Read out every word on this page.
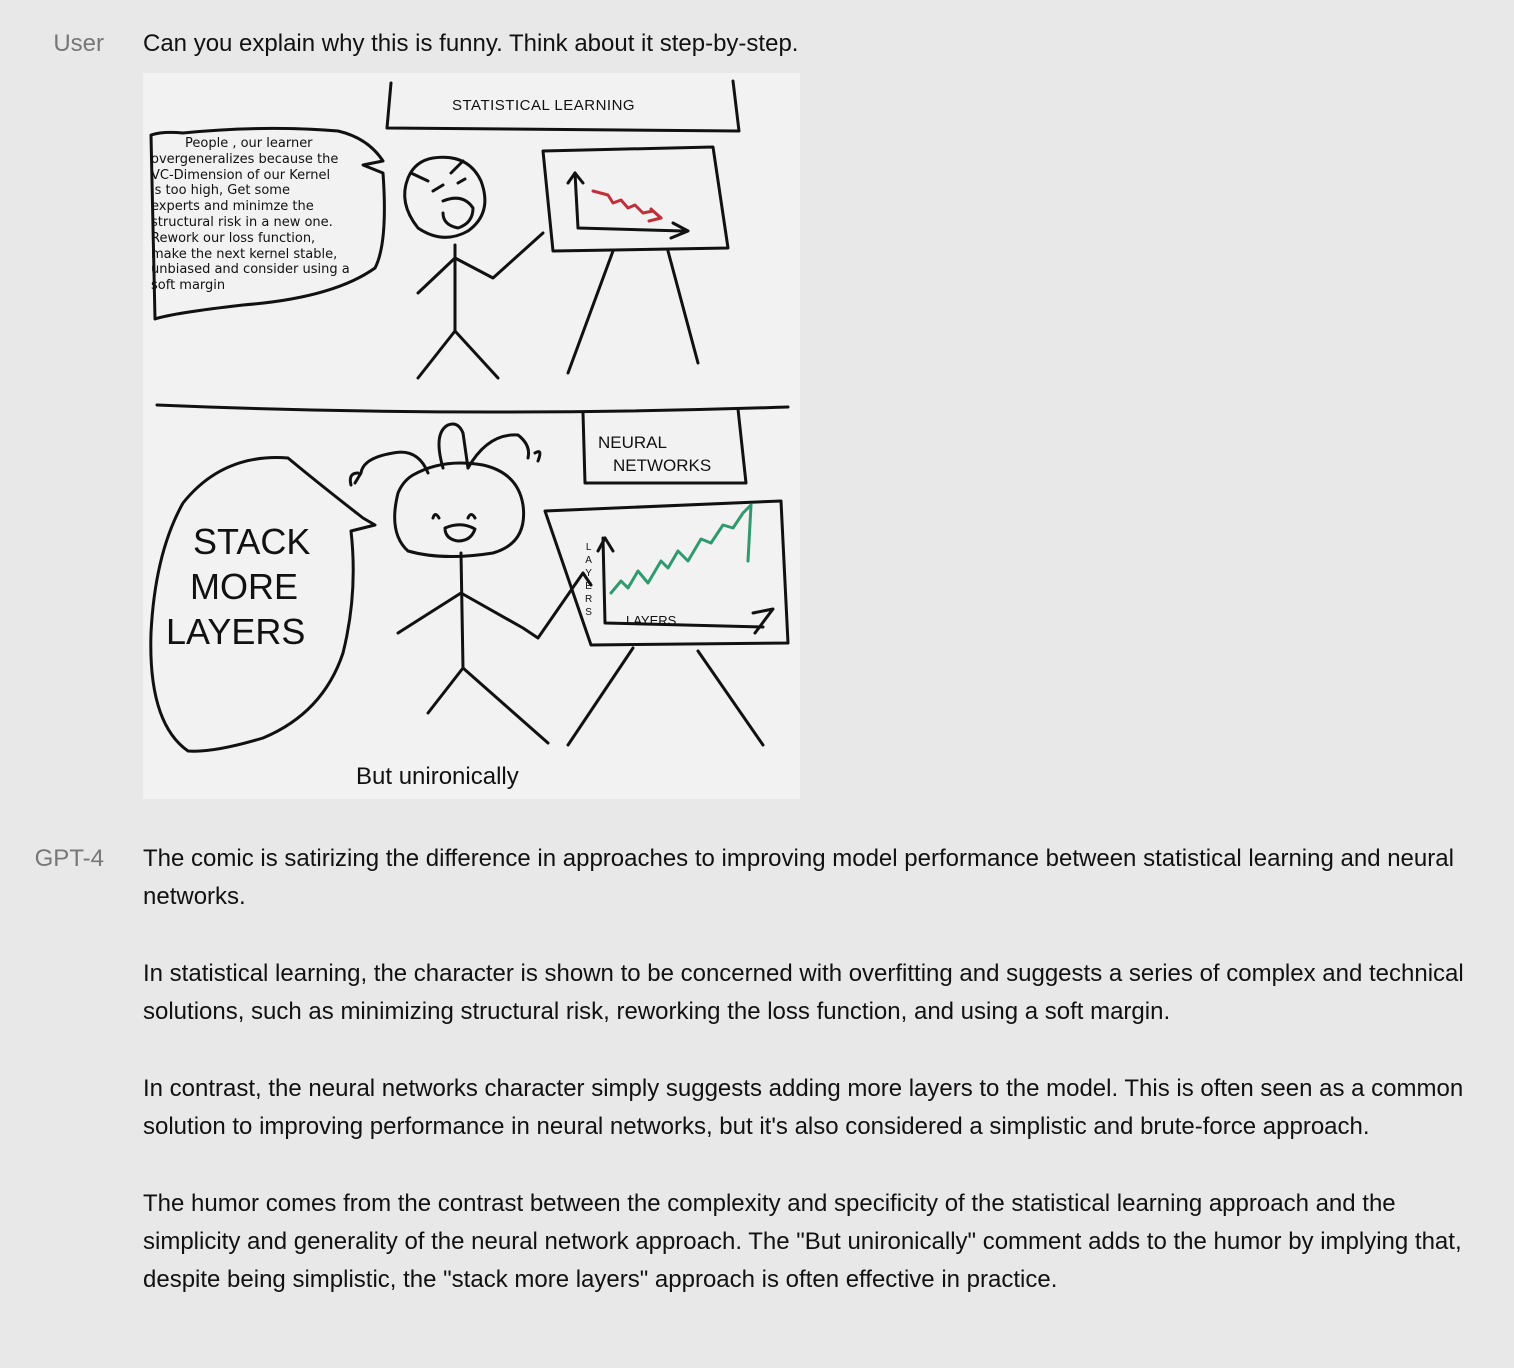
User Can you explain why this is funny. Think about it step-by-step.
STATISTICAL LEARNING
People , our learner
overgeneralizes because the
VC-Dimension of our Kernel
is too high, Get some
experts and minimze the
structural risk in a new one.
Rework our loss function,
make the next kernel stable,
unbiased and consider using a
soft margin
NEURAL
NETWORKS
STACK
MORE
LAYERS
L
A
Y
E
R
S
LAYERS
But unironically
GPT-4 The comic is satirizing the difference in approaches to improving model performance between statistical learning and neural networks.

In statistical learning, the character is shown to be concerned with overfitting and suggests a series of complex and technical solutions, such as minimizing structural risk, reworking the loss function, and using a soft margin.

In contrast, the neural networks character simply suggests adding more layers to the model. This is often seen as a common solution to improving performance in neural networks, but it's also considered a simplistic and brute-force approach.

The humor comes from the contrast between the complexity and specificity of the statistical learning approach and the simplicity and generality of the neural network approach. The "But unironically" comment adds to the humor by implying that, despite being simplistic, the "stack more layers" approach is often effective in practice.
